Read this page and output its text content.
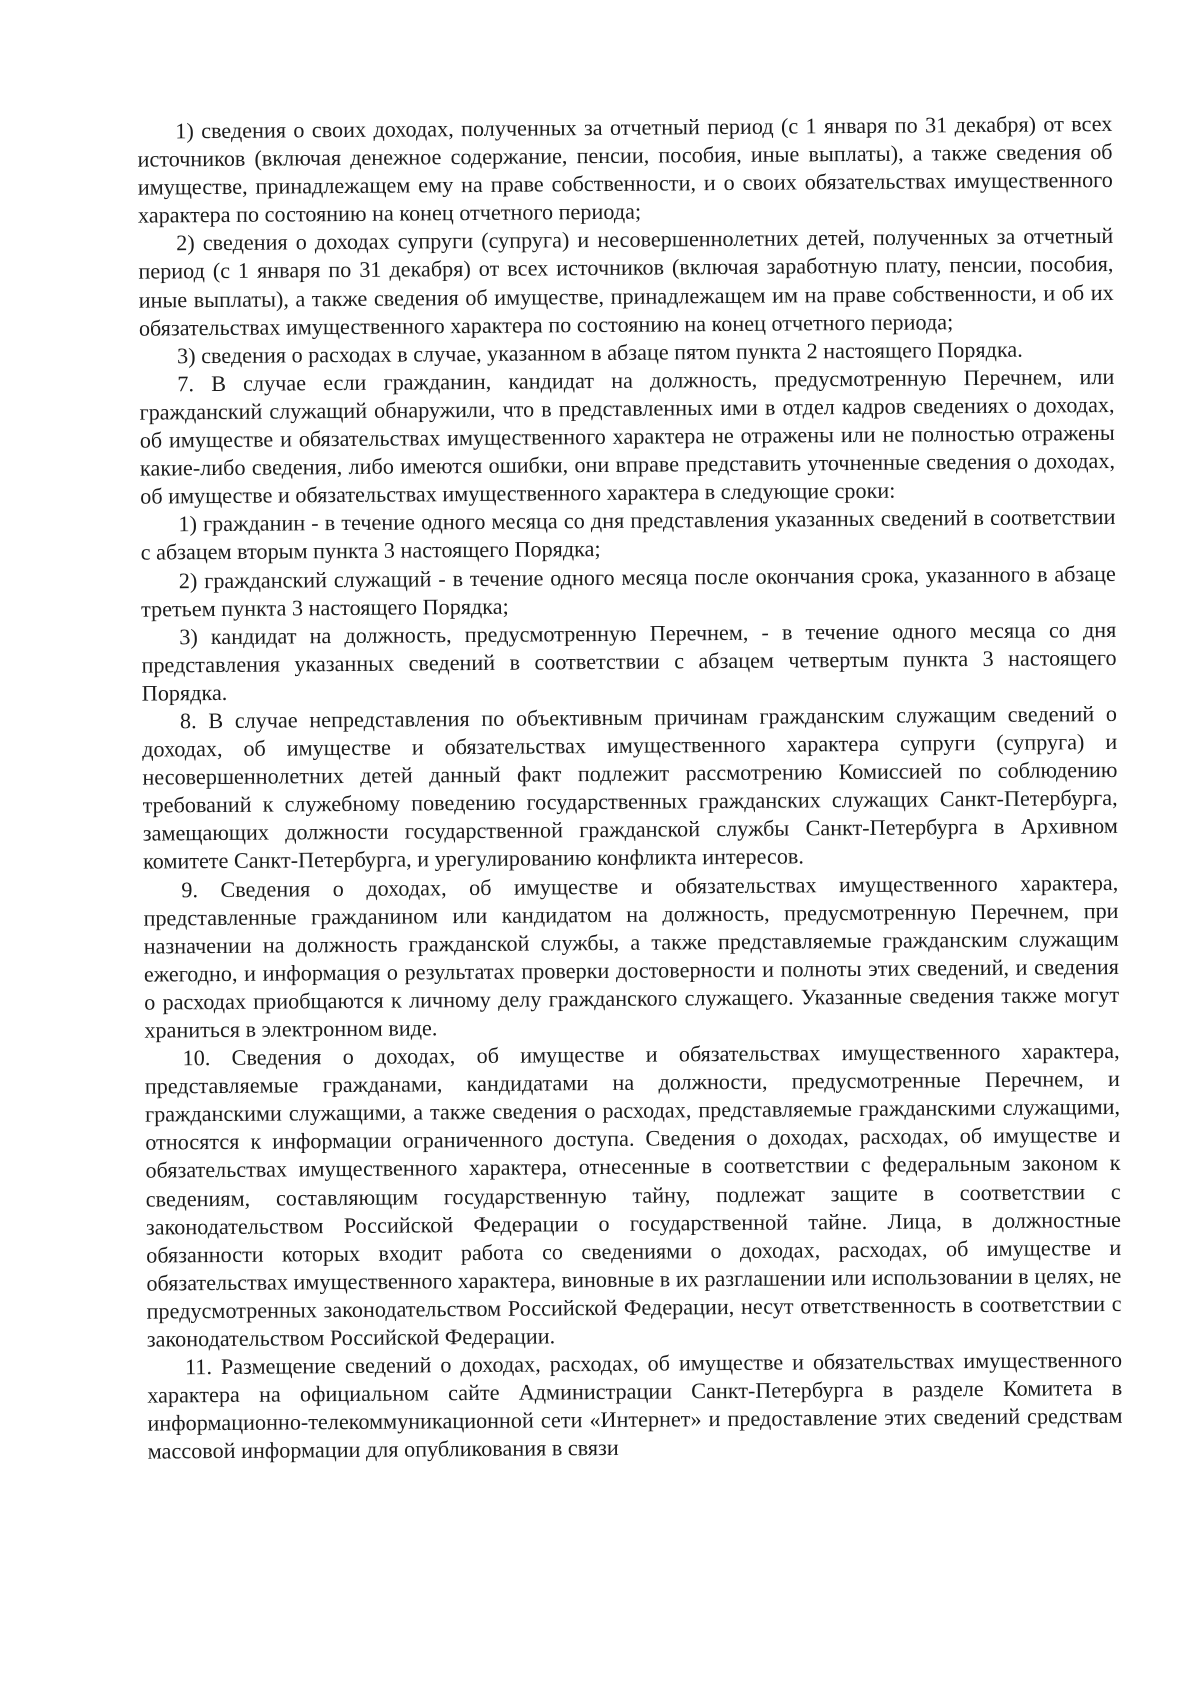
1) сведения о своих доходах, полученных за отчетный период (с 1 января по 31 декабря) от всех источников (включая денежное содержание, пенсии, пособия, иные выплаты), а также сведения об имуществе, принадлежащем ему на праве собственности, и о своих обязательствах имущественного характера по состоянию на конец отчетного периода;

2) сведения о доходах супруги (супруга) и несовершеннолетних детей, полученных за отчетный период (с 1 января по 31 декабря) от всех источников (включая заработную плату, пенсии, пособия, иные выплаты), а также сведения об имуществе, принадлежащем им на праве собственности, и об их обязательствах имущественного характера по состоянию на конец отчетного периода;

3) сведения о расходах в случае, указанном в абзаце пятом пункта 2 настоящего Порядка.

7. В случае если гражданин, кандидат на должность, предусмотренную Перечнем, или гражданский служащий обнаружили, что в представленных ими в отдел кадров сведениях о доходах, об имуществе и обязательствах имущественного характера не отражены или не полностью отражены какие-либо сведения, либо имеются ошибки, они вправе представить уточненные сведения о доходах, об имуществе и обязательствах имущественного характера в следующие сроки:

1) гражданин - в течение одного месяца со дня представления указанных сведений в соответствии с абзацем вторым пункта 3 настоящего Порядка;

2) гражданский служащий - в течение одного месяца после окончания срока, указанного в абзаце третьем пункта 3 настоящего Порядка;

3) кандидат на должность, предусмотренную Перечнем, - в течение одного месяца со дня представления указанных сведений в соответствии с абзацем четвертым пункта 3 настоящего Порядка.

8. В случае непредставления по объективным причинам гражданским служащим сведений о доходах, об имуществе и обязательствах имущественного характера супруги (супруга) и несовершеннолетних детей данный факт подлежит рассмотрению Комиссией по соблюдению требований к служебному поведению государственных гражданских служащих Санкт-Петербурга, замещающих должности государственной гражданской службы Санкт-Петербурга в Архивном комитете Санкт-Петербурга, и урегулированию конфликта интересов.

9. Сведения о доходах, об имуществе и обязательствах имущественного характера, представленные гражданином или кандидатом на должность, предусмотренную Перечнем, при назначении на должность гражданской службы, а также представляемые гражданским служащим ежегодно, и информация о результатах проверки достоверности и полноты этих сведений, и сведения о расходах приобщаются к личному делу гражданского служащего. Указанные сведения также могут храниться в электронном виде.

10. Сведения о доходах, об имуществе и обязательствах имущественного характера, представляемые гражданами, кандидатами на должности, предусмотренные Перечнем, и гражданскими служащими, а также сведения о расходах, представляемые гражданскими служащими, относятся к информации ограниченного доступа. Сведения о доходах, расходах, об имуществе и обязательствах имущественного характера, отнесенные в соответствии с федеральным законом к сведениям, составляющим государственную тайну, подлежат защите в соответствии с законодательством Российской Федерации о государственной тайне. Лица, в должностные обязанности которых входит работа со сведениями о доходах, расходах, об имуществе и обязательствах имущественного характера, виновные в их разглашении или использовании в целях, не предусмотренных законодательством Российской Федерации, несут ответственность в соответствии с законодательством Российской Федерации.

11. Размещение сведений о доходах, расходах, об имуществе и обязательствах имущественного характера на официальном сайте Администрации Санкт-Петербурга в разделе Комитета в информационно-телекоммуникационной сети «Интернет» и предоставление этих сведений средствам массовой информации для опубликования в связи
